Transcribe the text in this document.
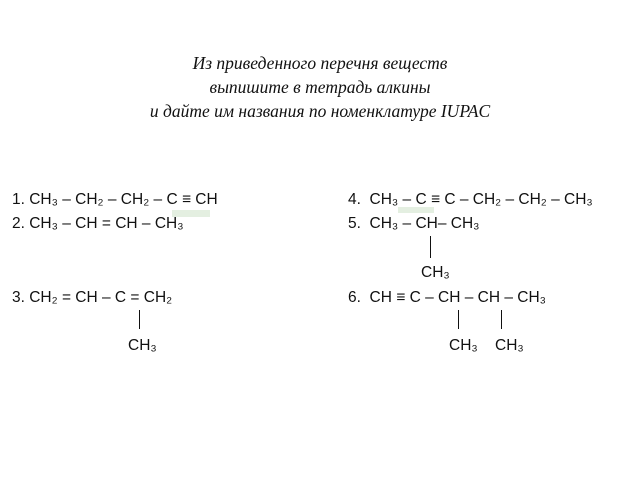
Из приведенного перечня веществ
выпишите в тетрадь алкины
и дайте им названия по номенклатуре IUPAC
1. CH₃ – CH₂ – CH₂ – C ≡ CH
2. CH₃ – CH = CH – CH₃
3. CH₂ = CH – C = CH₂
CH₃
4.  CH₃ – C ≡ C – CH₂ – CH₂ – CH₃
5.  CH₃ – CH– CH₃
CH₃
6.  CH ≡ C – CH – CH – CH₃
CH₃ CH₃
